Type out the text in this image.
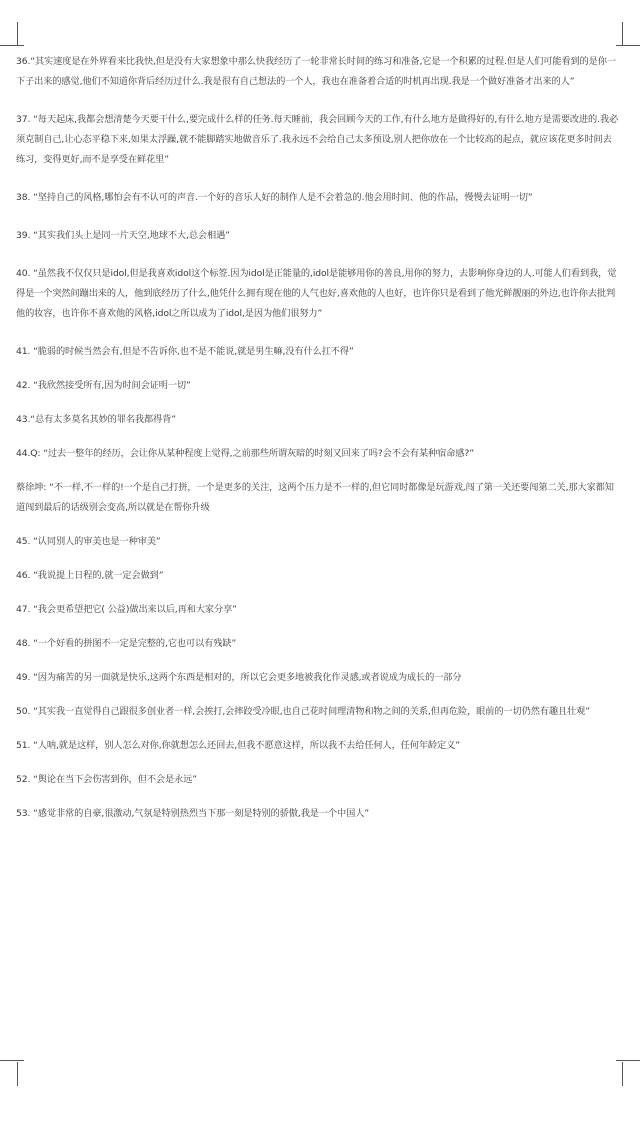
36.“其实速度是在外界看来比我快,但是没有大家想象中那么快我经历了一轮非常长时间的练习和准备,它是一个积累的过程.但是人们可能看到的是你一下子出来的感觉,他们不知道你背后经历过什么.我是很有自己想法的一个人，我也在准备着合适的时机再出现.我是一个做好准备才出来的人”

37. “每天起床,我都会想清楚今天要干什么,要完成什么样的任务.每天睡前，我会回顾今天的工作,有什么地方是做得好的,有什么地方是需要改进的.我必须克制自己,让心态平稳下来,如果太浮躁,就不能脚踏实地做音乐了.我永远不会给自己太多预设,别人把你放在一个比较高的起点，就应该花更多时间去练习，变得更好,而不是享受在鲜花里”

38. “坚持自己的风格,哪怕会有不认可的声音.一个好的音乐人好的制作人是不会着急的.他会用时间、他的作品，慢慢去证明一切”

39. “其实我们头上是同一片天空,地球不大,总会相遇”

40. “虽然我不仅仅只是idol,但是我喜欢idol这个标签.因为idol是正能量的,idol是能够用你的善良,用你的努力，去影响你身边的人.可能人们看到我，觉得是一个突然间蹦出来的人，他到底经历了什么,他凭什么拥有现在他的人气也好,喜欢他的人也好，也许你只是看到了他光鲜靓丽的外边,也许你去批判他的妆容，也许你不喜欢他的风格,idol之所以成为了idol,是因为他们很努力”

41. “脆弱的时候当然会有,但是不告诉你,也不是不能说,就是男生嘛,没有什么扛不得”

42. “我欣然接受所有,因为时间会证明一切”

43.“总有太多莫名其妙的罪名我都得背”

44.Q: “过去一整年的经历，会让你从某种程度上觉得,之前那些所谓灰暗的时刻又回来了吗?会不会有某种宿命感?”

蔡徐坤: “不一样,不一样的!一个是自己打拼，一个是更多的关注，这两个压力是不一样的,但它同时都像是玩游戏,闯了第一关还要闯第二关,那大家都知道闯到最后的话级别会变高,所以就是在帮你升级

45. “认同别人的审美也是一种审美”

46. “我说提上日程的,就一定会做到”

47. “我会更希望把它( 公益)做出来以后,再和大家分享”

48. “一个好看的拼图不一定是完整的,它也可以有残缺”

49. “因为痛苦的另一面就是快乐,这两个东西是相对的，所以它会更多地被我化作灵感,或者说成为成长的一部分

50. “其实我一直觉得自己跟很多创业者一样,会挨打,会摔跤受冷眼,也自己花时间理清物和物之间的关系,但再危险，眼前的一切仍然有趣且壮观”

51. “人呐,就是这样，别人怎么对你,你就想怎么还回去,但我不愿意这样，所以我不去给任何人，任何年龄定义”

52. “舆论在当下会伤害到你，但不会是永远”

53. “感觉非常的自豪,很激动,气氛是特别热烈当下那一刻是特别的骄傲,我是一个中国人”
